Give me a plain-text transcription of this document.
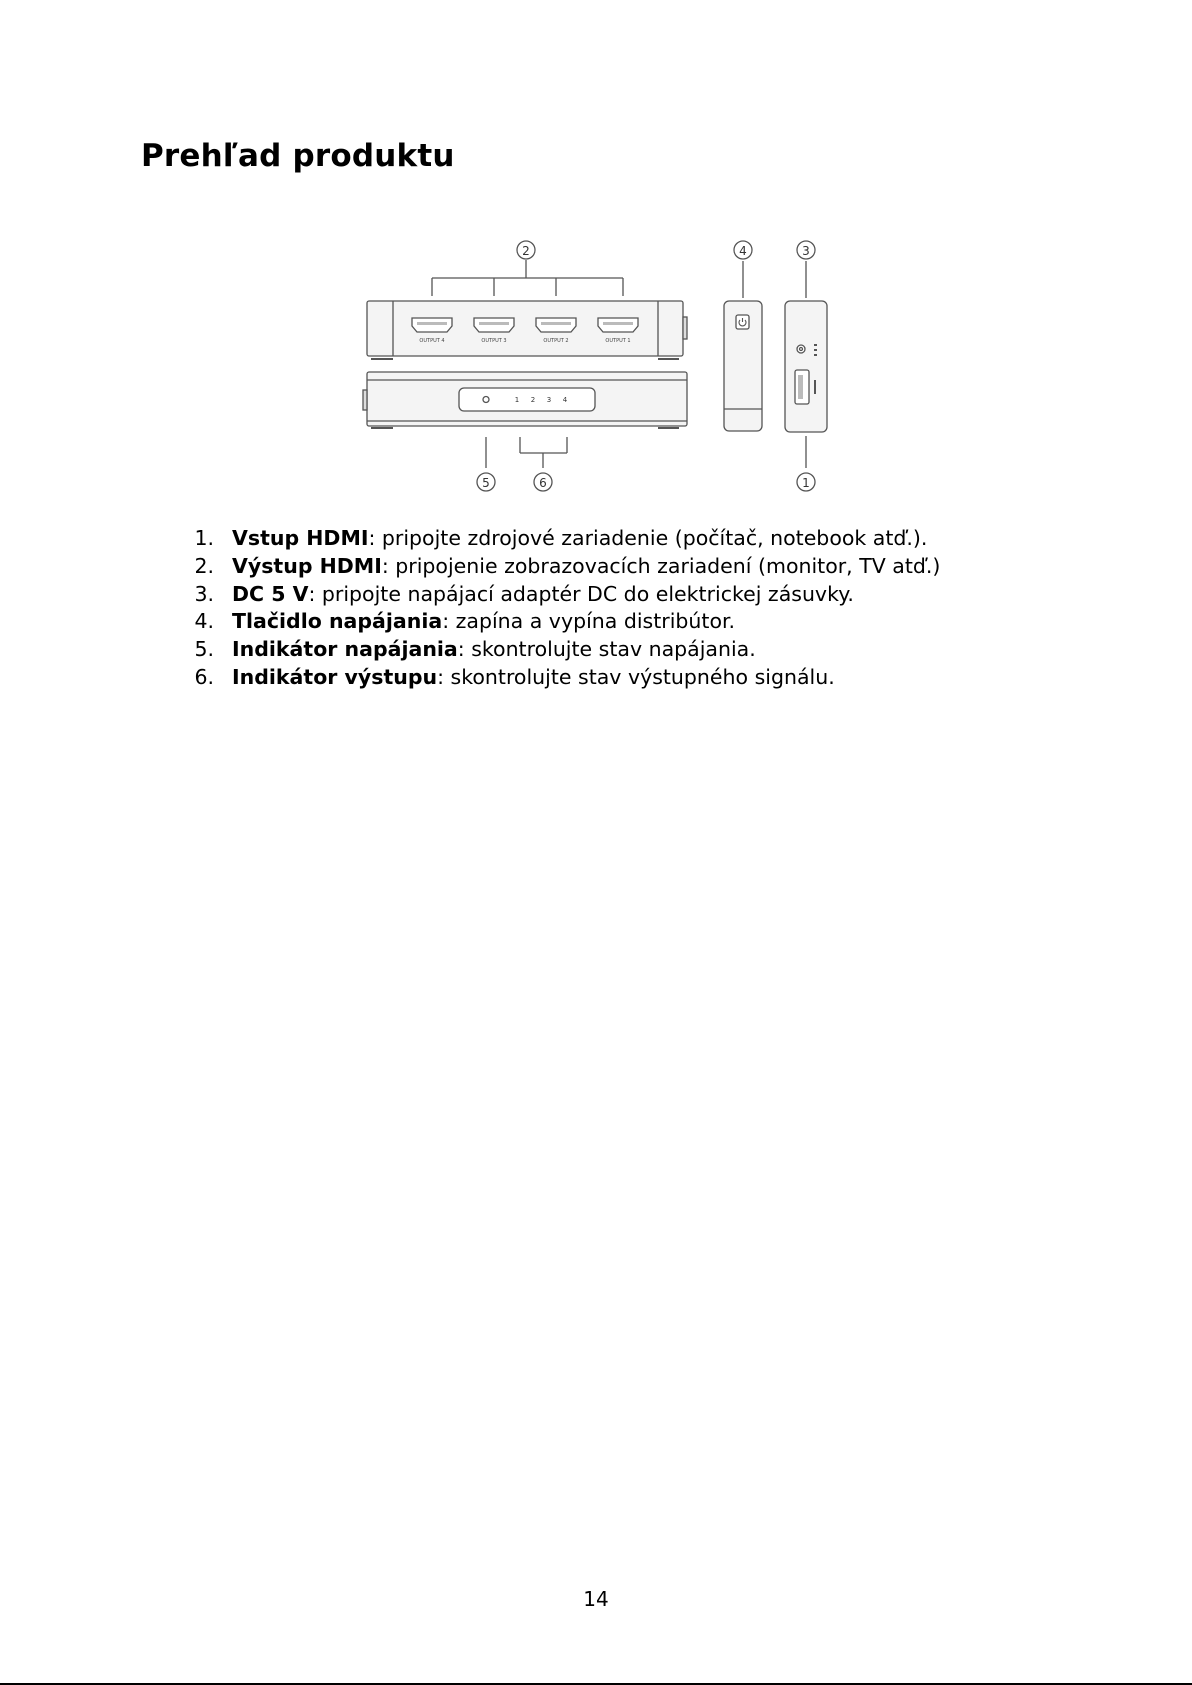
Prehľad produktu
OUTPUT 4	OUTPUT 3	OUTPUT 2	OUTPUT 1
1 2 3 4
2	4	3
5	6	1
1. Vstup HDMI: pripojte zdrojové zariadenie (počítač, notebook atď.).
2. Výstup HDMI: pripojenie zobrazovacích zariadení (monitor, TV atď.)
3. DC 5 V: pripojte napájací adaptér DC do elektrickej zásuvky.
4. Tlačidlo napájania: zapína a vypína distribútor.
5. Indikátor napájania: skontrolujte stav napájania.
6. Indikátor výstupu: skontrolujte stav výstupného signálu.
14
